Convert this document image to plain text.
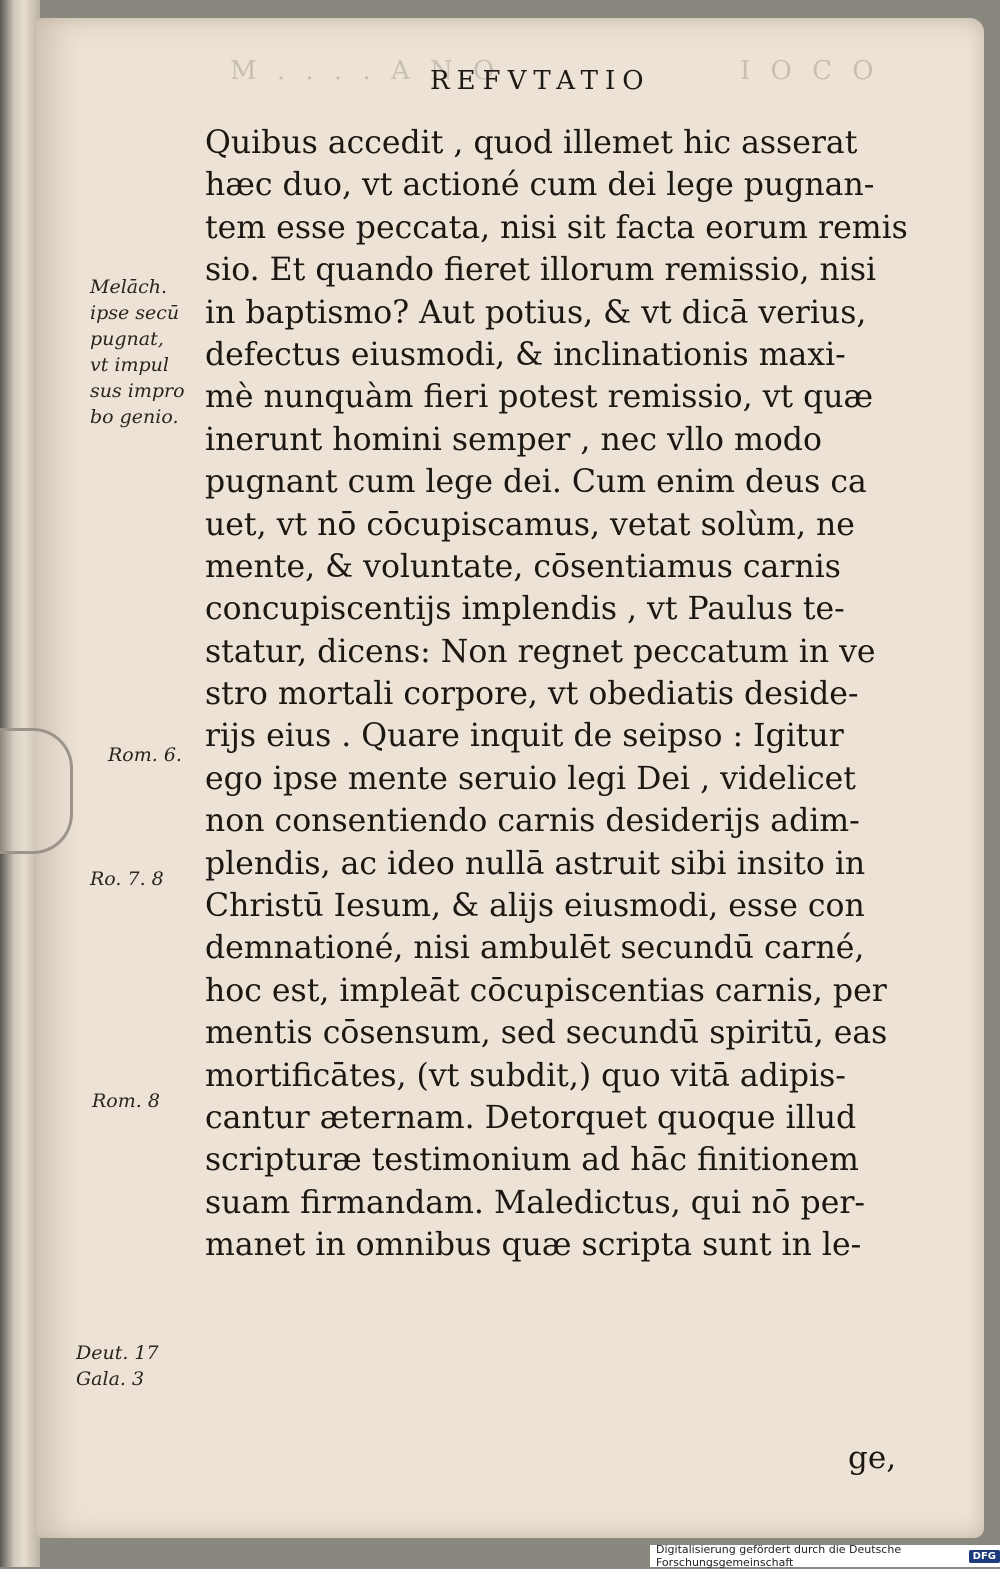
M . . . . A N O	I O C O
REFVTATIO
Quibus accedit , quod illemet hic asserat
hæc duo, vt actioné cum dei lege pugnan-
tem esse peccata, nisi sit facta eorum remis
sio. Et quando fieret illorum remissio, nisi
in baptismo? Aut potius, & vt dicā verius,
defectus eiusmodi, & inclinationis maxi-
mè nunquàm fieri potest remissio, vt quæ
inerunt homini semper , nec vllo modo
pugnant cum lege dei. Cum enim deus ca
uet, vt nō cōcupiscamus, vetat solùm, ne
mente, & voluntate, cōsentiamus carnis
concupiscentijs implendis , vt Paulus te-
statur, dicens: Non regnet peccatum in ve
stro mortali corpore, vt obediatis deside-
rijs eius . Quare inquit de seipso : Igitur
ego ipse mente seruio legi Dei , videlicet
non consentiendo carnis desiderijs adim-
plendis, ac ideo nullā astruit sibi insito in
Christū Iesum, & alijs eiusmodi, esse con
demnationé, nisi ambulēt secundū carné,
hoc est, impleāt cōcupiscentias carnis, per
mentis cōsensum, sed secundū spiritū, eas
mortificātes, (vt subdit,) quo vitā adipis-
cantur æternam. Detorquet quoque illud
scripturæ testimonium ad hāc finitionem
suam firmandam. Maledictus, qui nō per-
manet in omnibus quæ scripta sunt in le-
Melāch.
ipse secū
pugnat,
vt impul
sus impro
bo genio.
Rom. 6.
Ro. 7. 8
Rom. 8
Deut. 17
Gala. 3
ge,
Digitalisierung gefördert durch die Deutsche Forschungsgemeinschaft	DFG
